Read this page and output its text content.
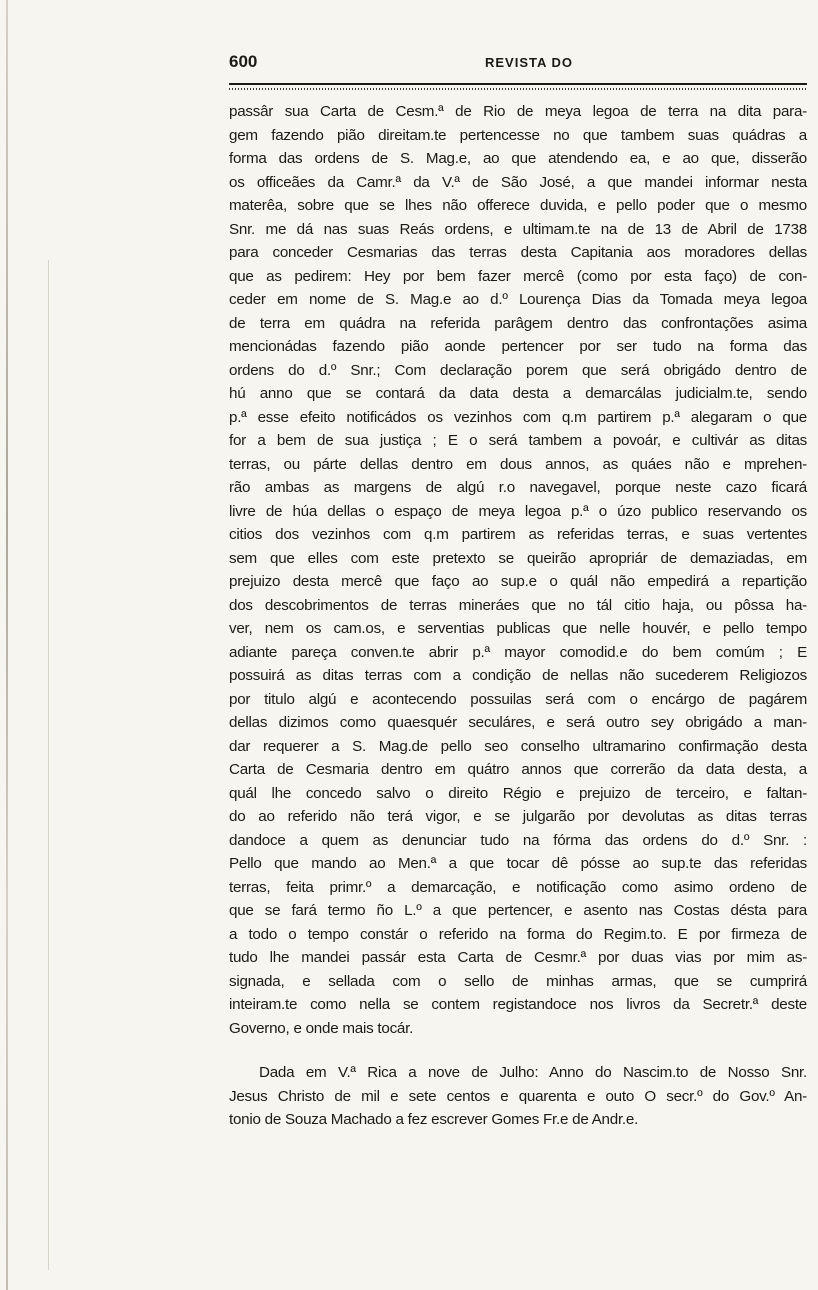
600	REVISTA DO
passâr sua Carta de Cesm.ª de Rio de meya legoa de terra na dita para-
gem fazendo pião direitam.te pertencesse no que tambem suas quádras a
forma das ordens de S. Mag.e, ao que atendendo ea, e ao que, disserão
os officeães da Camr.ª da V.ª de São José, a que mandei informar nesta
materêa, sobre que se lhes não offerece duvida, e pello poder que o mesmo
Snr. me dá nas suas Reás ordens, e ultimam.te na de 13 de Abril de 1738
para conceder Cesmarias das terras desta Capitania aos moradores dellas
que as pedirem: Hey por bem fazer mercê (como por esta faço) de con-
ceder em nome de S. Mag.e ao d.º Lourença Dias da Tomada meya legoa
de terra em quádra na referida parâgem dentro das confrontações asima
mencionádas fazendo pião aonde pertencer por ser tudo na forma das
ordens do d.º Snr.; Com declaração porem que será obrigádo dentro de
hú anno que se contará da data desta a demarcálas judicialm.te, sendo
p.ª esse efeito notificádos os vezinhos com q.m partirem p.ª alegaram o que
for a bem de sua justiça ; E o será tambem a povoár, e cultivár as ditas
terras, ou párte dellas dentro em dous annos, as quáes não e mprehen-
rão ambas as margens de algú r.o navegavel, porque neste cazo ficará
livre de húa dellas o espaço de meya legoa p.ª o úzo publico reservando os
citios dos vezinhos com q.m partirem as referidas terras, e suas vertentes
sem que elles com este pretexto se queirão apropriár de demaziadas, em
prejuizo desta mercê que faço ao sup.e o quál não empedirá a repartição
dos descobrimentos de terras mineráes que no tál citio haja, ou pôssa ha-
ver, nem os cam.os, e serventias publicas que nelle houvér, e pello tempo
adiante pareça conven.te abrir p.ª mayor comodid.e do bem comúm ; E
possuirá as ditas terras com a condição de nellas não sucederem Religiozos
por titulo algú e acontecendo possuilas será com o encárgo de pagárem
dellas dizimos como quaesquér seculáres, e será outro sey obrigádo a man-
dar requerer a S. Mag.de pello seo conselho ultramarino confirmação desta
Carta de Cesmaria dentro em quátro annos que correrão da data desta, a
quál lhe concedo salvo o direito Régio e prejuizo de terceiro, e faltan-
do ao referido não terá vigor, e se julgarão por devolutas as ditas terras
dandoce a quem as denunciar tudo na fórma das ordens do d.º Snr. :
Pello que mando ao Men.ª a que tocar dê pósse ao sup.te das referidas
terras, feita primr.º a demarcação, e notificação como asimo ordeno de
que se fará termo ño L.º a que pertencer, e asento nas Costas désta para
a todo o tempo constár o referido na forma do Regim.to. E por firmeza de
tudo lhe mandei passár esta Carta de Cesmr.ª por duas vias por mim as-
signada, e sellada com o sello de minhas armas, que se cumprirá
inteiram.te como nella se contem registandoce nos livros da Secretr.ª deste
Governo, e onde mais tocár.
Dada em V.ª Rica a nove de Julho: Anno do Nascim.to de Nosso Snr.
Jesus Christo de mil e sete centos e quarenta e outo O secr.º do Gov.º An-
tonio de Souza Machado a fez escrever Gomes Fr.e de Andr.e.
